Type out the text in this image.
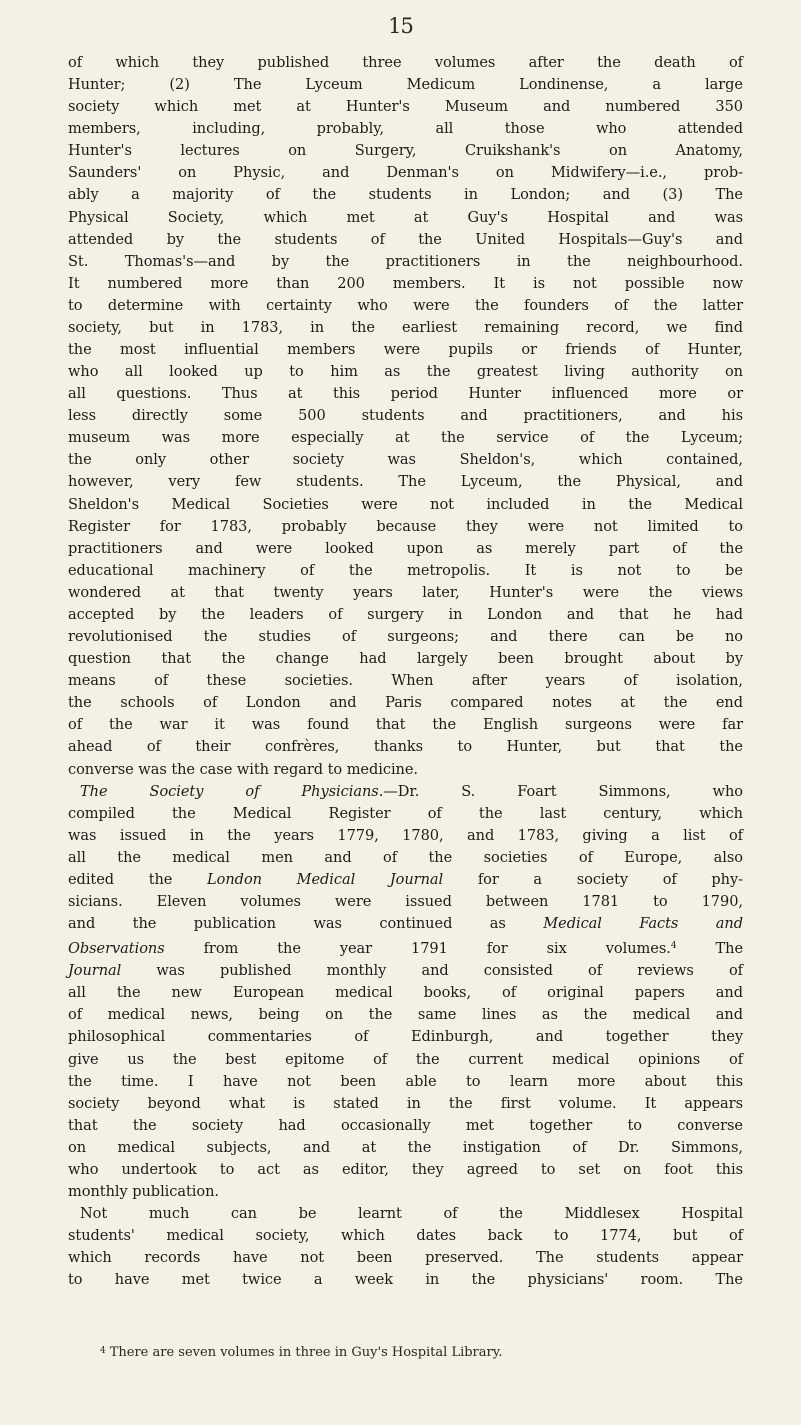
15
of which they published three volumes after the death of
Hunter; (2) The Lyceum Medicum Londinense, a large
society which met at Hunter's Museum and numbered 350
members, including, probably, all those who attended
Hunter's lectures on Surgery, Cruikshank's on Anatomy,
Saunders' on Physic, and Denman's on Midwifery—i.e., prob-
ably a majority of the students in London; and (3) The
Physical Society, which met at Guy's Hospital and was
attended by the students of the United Hospitals—Guy's and
St. Thomas's—and by the practitioners in the neighbourhood.
It numbered more than 200 members. It is not possible now
to determine with certainty who were the founders of the latter
society, but in 1783, in the earliest remaining record, we find
the most influential members were pupils or friends of Hunter,
who all looked up to him as the greatest living authority on
all questions. Thus at this period Hunter influenced more or
less directly some 500 students and practitioners, and his
museum was more especially at the service of the Lyceum;
the only other society was Sheldon's, which contained,
however, very few students. The Lyceum, the Physical, and
Sheldon's Medical Societies were not included in the Medical
Register for 1783, probably because they were not limited to
practitioners and were looked upon as merely part of the
educational machinery of the metropolis. It is not to be
wondered at that twenty years later, Hunter's were the views
accepted by the leaders of surgery in London and that he had
revolutionised the studies of surgeons; and there can be no
question that the change had largely been brought about by
means of these societies. When after years of isolation,
the schools of London and Paris compared notes at the end
of the war it was found that the English surgeons were far
ahead of their confrères, thanks to Hunter, but that the
converse was the case with regard to medicine.
The Society of Physicians.—Dr. S. Foart Simmons, who
compiled the Medical Register of the last century, which
was issued in the years 1779, 1780, and 1783, giving a list of
all the medical men and of the societies of Europe, also
edited the London Medical Journal for a society of phy-
sicians. Eleven volumes were issued between 1781 to 1790,
and the publication was continued as	Medical Facts and
Observations	from the year 1791 for six volumes.$^4$	The
Journal was published monthly and consisted of reviews of
all the new European medical books, of original papers and
of medical news, being on the same lines as the medical and
philosophical commentaries of Edinburgh, and together they
give us the best epitome of the current medical opinions of
the time. I have not been able to learn more about this
society beyond what is stated in the first volume. It appears
that the society had occasionally met together to converse
on medical subjects, and at the instigation of Dr. Simmons,
who undertook to act as editor, they agreed to set on foot this
monthly publication.
Not much can be learnt of the Middlesex Hospital
students' medical society, which dates back to 1774, but of
which records have not been preserved. The students appear
to have met twice a week in the physicians' room. The
$^4$ There are seven volumes in three in Guy's Hospital Library.
